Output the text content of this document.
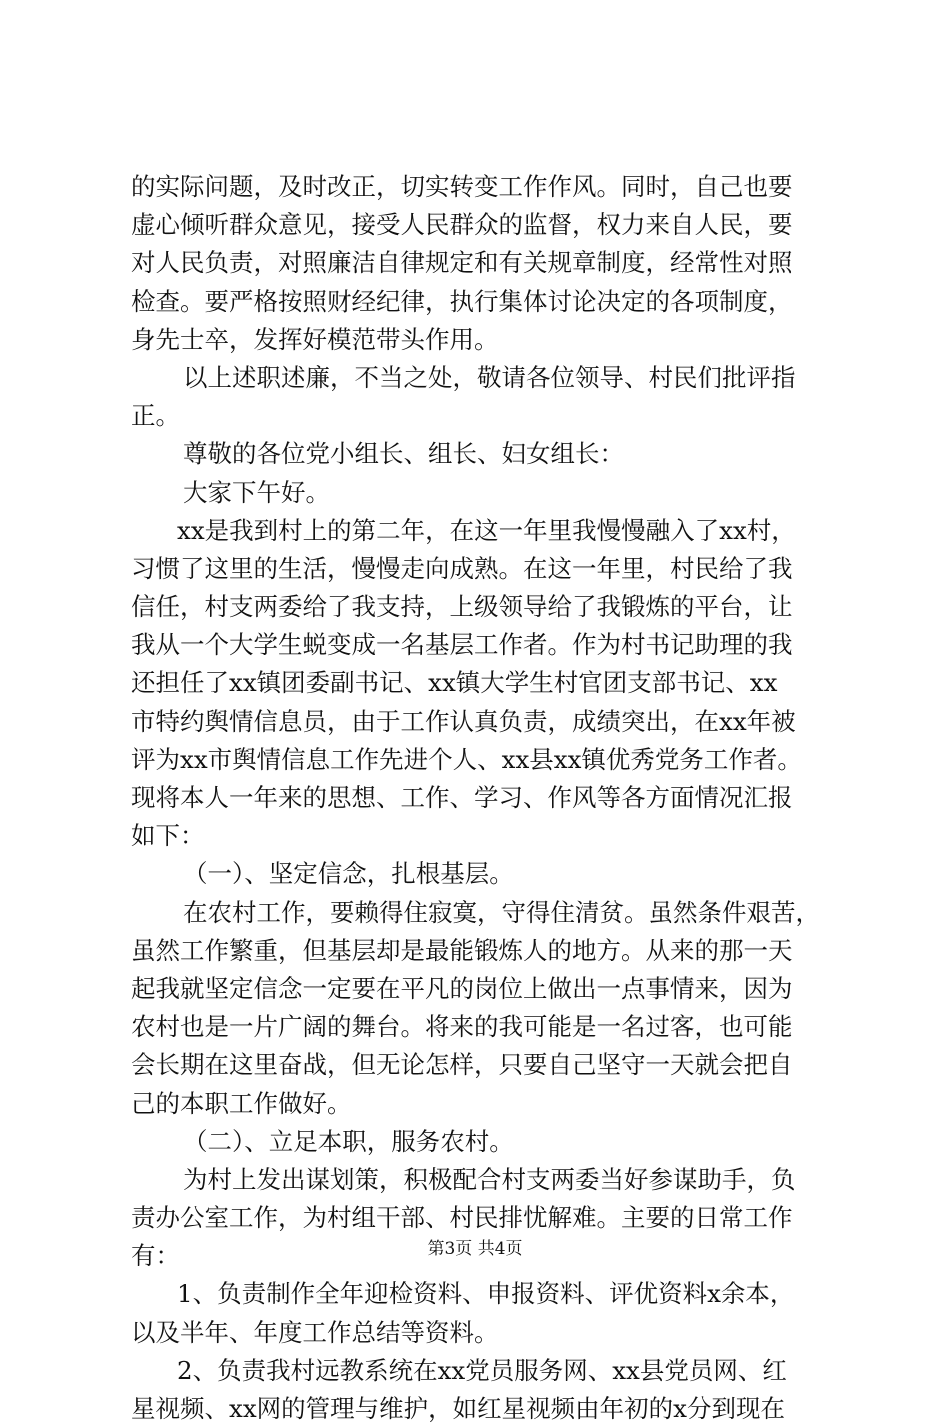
的实际问题，及时改正，切实转变工作作风。同时，自己也要
虚心倾听群众意见，接受人民群众的监督，权力来自人民，要
对人民负责，对照廉洁自律规定和有关规章制度，经常性对照
检查。要严格按照财经纪律，执行集体讨论决定的各项制度，
身先士卒，发挥好模范带头作用。
以上述职述廉，不当之处，敬请各位领导、村民们批评指
正。
尊敬的各位党小组长、组长、妇女组长：
大家下午好。
xx是我到村上的第二年，在这一年里我慢慢融入了xx村，
习惯了这里的生活，慢慢走向成熟。在这一年里，村民给了我
信任，村支两委给了我支持，上级领导给了我锻炼的平台，让
我从一个大学生蜕变成一名基层工作者。作为村书记助理的我
还担任了xx镇团委副书记、xx镇大学生村官团支部书记、xx
市特约舆情信息员，由于工作认真负责，成绩突出，在xx年被
评为xx市舆情信息工作先进个人、xx县xx镇优秀党务工作者。
现将本人一年来的思想、工作、学习、作风等各方面情况汇报
如下：
（一）、坚定信念，扎根基层。
在农村工作，要赖得住寂寞，守得住清贫。虽然条件艰苦，
虽然工作繁重，但基层却是最能锻炼人的地方。从来的那一天
起我就坚定信念一定要在平凡的岗位上做出一点事情来，因为
农村也是一片广阔的舞台。将来的我可能是一名过客，也可能
会长期在这里奋战，但无论怎样，只要自己坚守一天就会把自
己的本职工作做好。
（二）、立足本职，服务农村。
为村上发出谋划策，积极配合村支两委当好参谋助手，负
责办公室工作，为村组干部、村民排忧解难。主要的日常工作
有：
1、负责制作全年迎检资料、申报资料、评优资料x余本，
以及半年、年度工作总结等资料。
2、负责我村远教系统在xx党员服务网、xx县党员网、红
星视频、xx网的管理与维护，如红星视频由年初的x分到现在
第3页 共4页
